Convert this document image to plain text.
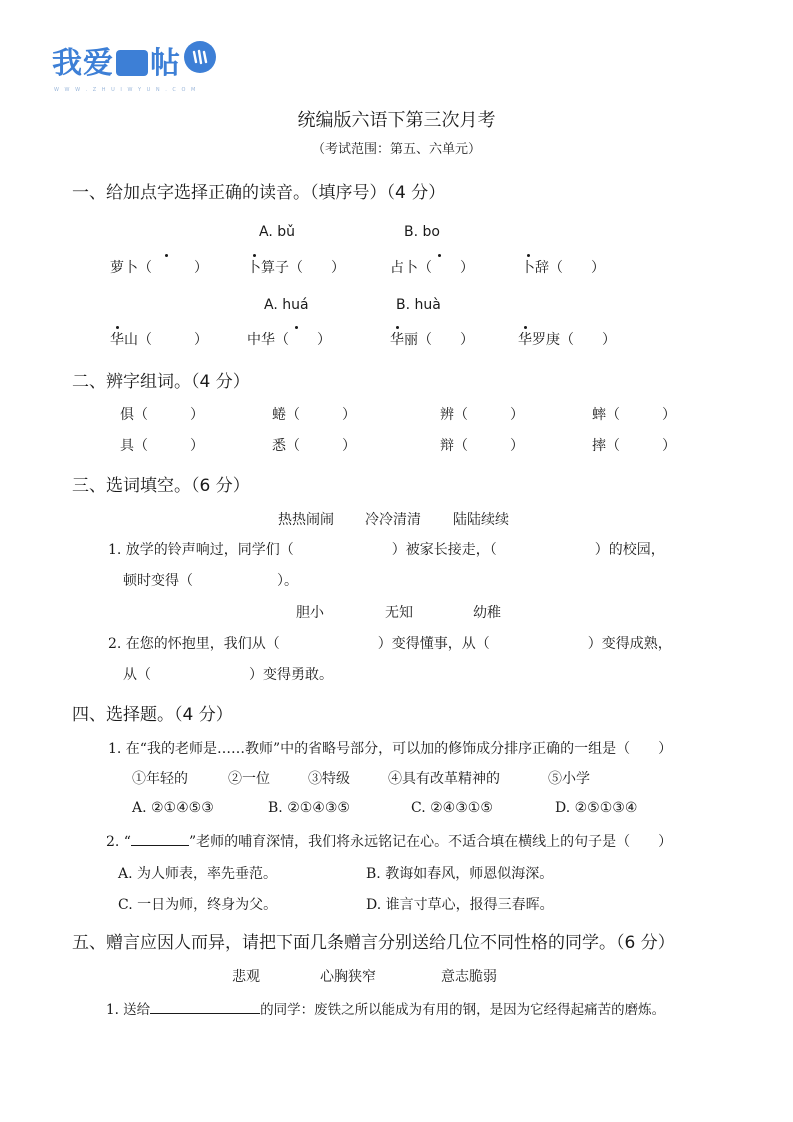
我爱 帖
W W W . Z H U I W Y U N . C O M
统编版六语下第三次月考
（考试范围：第五、六单元）
一、给加点字选择正确的读音。（填序号）（4 分）
A. bǔ	B. bo
萝卜（　　　）	卜算子（　　）	占卜（　　）	卜辞（　　）
A. huá	B. huà
华山（　　　）	中华（　　）	华丽（　　）	华罗庚（　　）
二、辨字组词。（4 分）
俱（　　　）	蜷（　　　）	辨（　　　）	蟀（　　　）
具（　　　）	悉（　　　）	辩（　　　）	摔（　　　）
三、选词填空。（6 分）
热热闹闹 冷冷清清 陆陆续续
1. 放学的铃声响过，同学们（　　　　　　　）被家长接走，（　　　　　　　）的校园，
顿时变得（　　　　　　）。
胆小	无知	幼稚
2. 在您的怀抱里，我们从（　　　　　　　）变得懂事，从（　　　　　　　）变得成熟，
从（　　　　　　　）变得勇敢。
四、选择题。（4 分）
1. 在“我的老师是……教师”中的省略号部分，可以加的修饰成分排序正确的一组是（　　）
①年轻的	②一位	③特级	④具有改革精神的	⑤小学
A. ②①④⑤③	B. ②①④③⑤	C. ②④③①⑤	D. ②⑤①③④
2. “	”老师的哺育深情，我们将永远铭记在心。不适合填在横线上的句子是（　　）
A. 为人师表，率先垂范。	B. 教诲如春风，师恩似海深。
C. 一日为师，终身为父。	D. 谁言寸草心，报得三春晖。
五、赠言应因人而异，请把下面几条赠言分别送给几位不同性格的同学。（6 分）
悲观	心胸狭窄	意志脆弱
1. 送给	的同学：废铁之所以能成为有用的钢，是因为它经得起痛苦的磨炼。
